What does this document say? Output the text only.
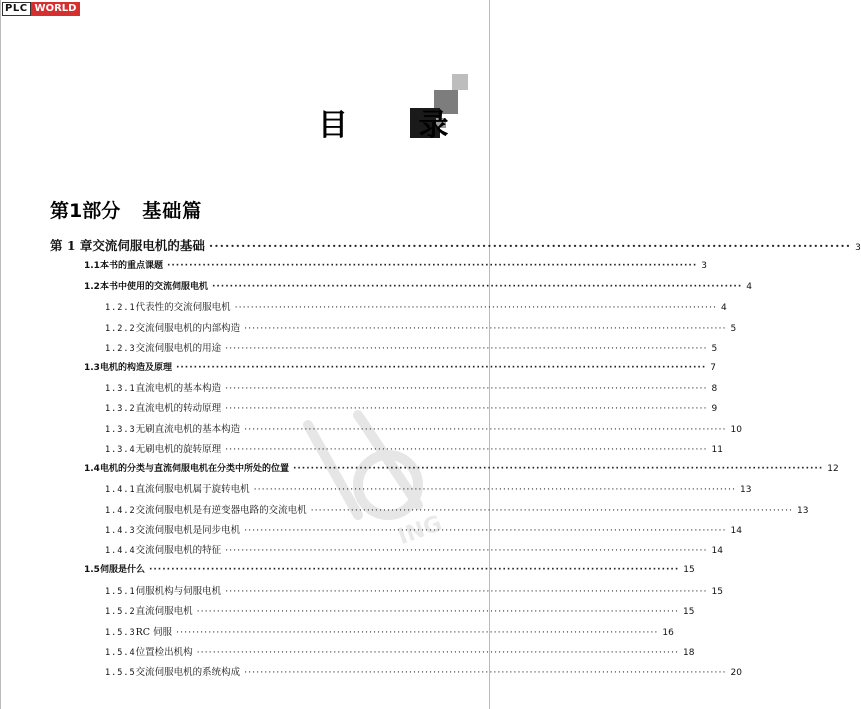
PLC WORLD
目 录
第1部分 基础篇
ING
第 1 章 交流伺服电机的基础 ························································································································ 3
1.1 本书的重点课题 ························································································································ 3
1.2 本书中使用的交流伺服电机 ························································································································ 4
1.2.1 代表性的交流伺服电机 ························································································································ 4
1.2.2 交流伺服电机的内部构造 ························································································································ 5
1.2.3 交流伺服电机的用途 ························································································································ 5
1.3 电机的构造及原理 ························································································································ 7
1.3.1 直流电机的基本构造 ························································································································ 8
1.3.2 直流电机的转动原理 ························································································································ 9
1.3.3 无刷直流电机的基本构造 ························································································································ 10
1.3.4 无刷电机的旋转原理 ························································································································ 11
1.4 电机的分类与直流伺服电机在分类中所处的位置 ························································································································ 12
1.4.1 直流伺服电机属于旋转电机 ························································································································ 13
1.4.2 交流伺服电机是有逆变器电路的交流电机 ························································································································ 13
1.4.3 交流伺服电机是同步电机 ························································································································ 14
1.4.4 交流伺服电机的特征 ························································································································ 14
1.5 伺服是什么 ························································································································ 15
1.5.1 伺服机构与伺服电机 ························································································································ 15
1.5.2 直流伺服电机 ························································································································ 15
1.5.3 RC 伺服 ························································································································ 16
1.5.4 位置检出机构 ························································································································ 18
1.5.5 交流伺服电机的系统构成 ························································································································ 20
